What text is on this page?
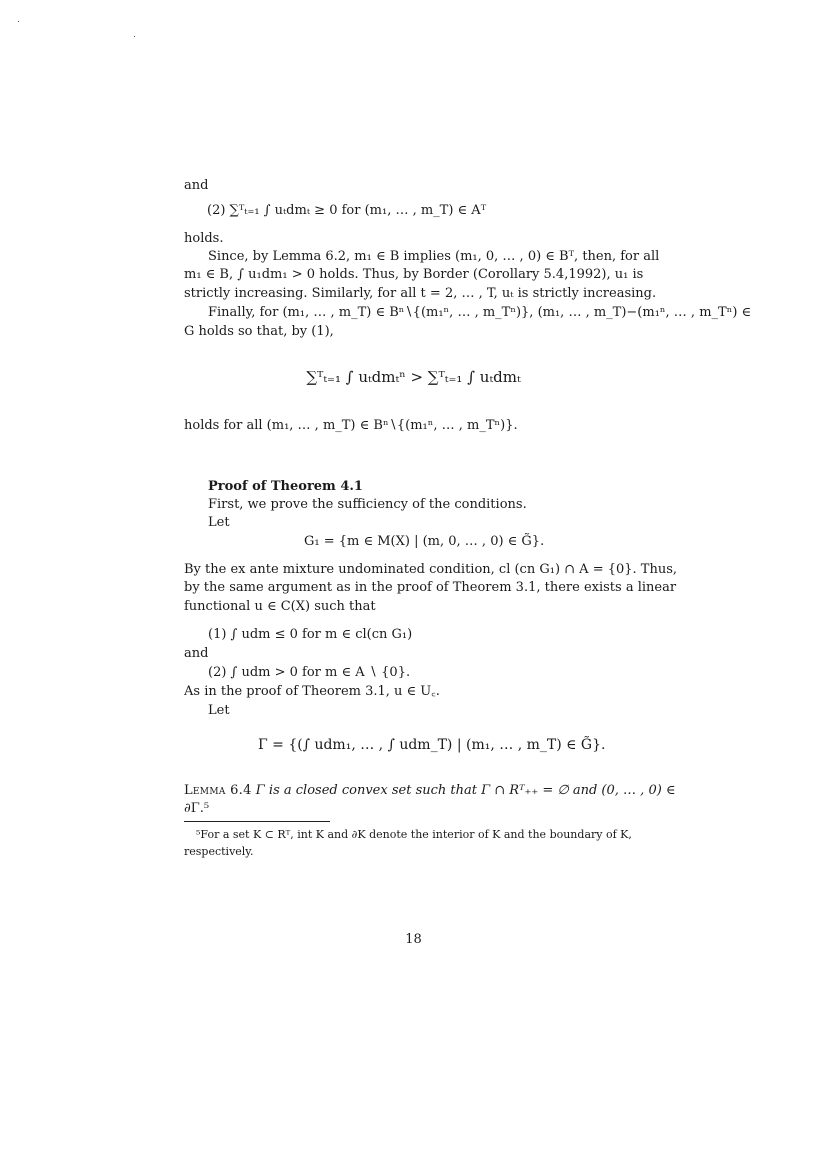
and
(2) ∑ᵀₜ₌₁ ∫ uₜdmₜ ≥ 0 for (m₁, … , m_T) ∈ Aᵀ
holds.
Since, by Lemma 6.2, m₁ ∈ B implies (m₁, 0, … , 0) ∈ Bᵀ, then, for all
m₁ ∈ B, ∫ u₁dm₁ > 0 holds. Thus, by Border (Corollary 5.4,1992), u₁ is
strictly increasing. Similarly, for all t = 2, … , T, uₜ is strictly increasing.
Finally, for (m₁, … , m_T) ∈ Bⁿ∖{(m₁ⁿ, … , m_Tⁿ)}, (m₁, … , m_T)−(m₁ⁿ, … , m_Tⁿ) ∈
G holds so that, by (1),
∑ᵀₜ₌₁ ∫ uₜdmₜⁿ > ∑ᵀₜ₌₁ ∫ uₜdmₜ
holds for all (m₁, … , m_T) ∈ Bⁿ∖{(m₁ⁿ, … , m_Tⁿ)}.
Proof of Theorem 4.1
First, we prove the sufficiency of the conditions.
Let
G₁ = {m ∈ M(X) | (m, 0, … , 0) ∈ G̃}.
By the ex ante mixture undominated condition, cl (cn G₁) ∩ A = {0}. Thus,
by the same argument as in the proof of Theorem 3.1, there exists a linear
functional u ∈ C(X) such that
(1) ∫ udm ≤ 0 for m ∈ cl(cn G₁)
and
(2) ∫ udm > 0 for m ∈ A ∖ {0}.
As in the proof of Theorem 3.1, u ∈ U꜀.
Let
Γ = {(∫ udm₁, … , ∫ udm_T) | (m₁, … , m_T) ∈ G̃}.
Lemma 6.4 Γ is a closed convex set such that Γ ∩ Rᵀ₊₊ = ∅ and (0, … , 0) ∈
∂Γ.⁵
⁵For a set K ⊂ Rᵀ, int K and ∂K denote the interior of K and the boundary of K,
respectively.
18
